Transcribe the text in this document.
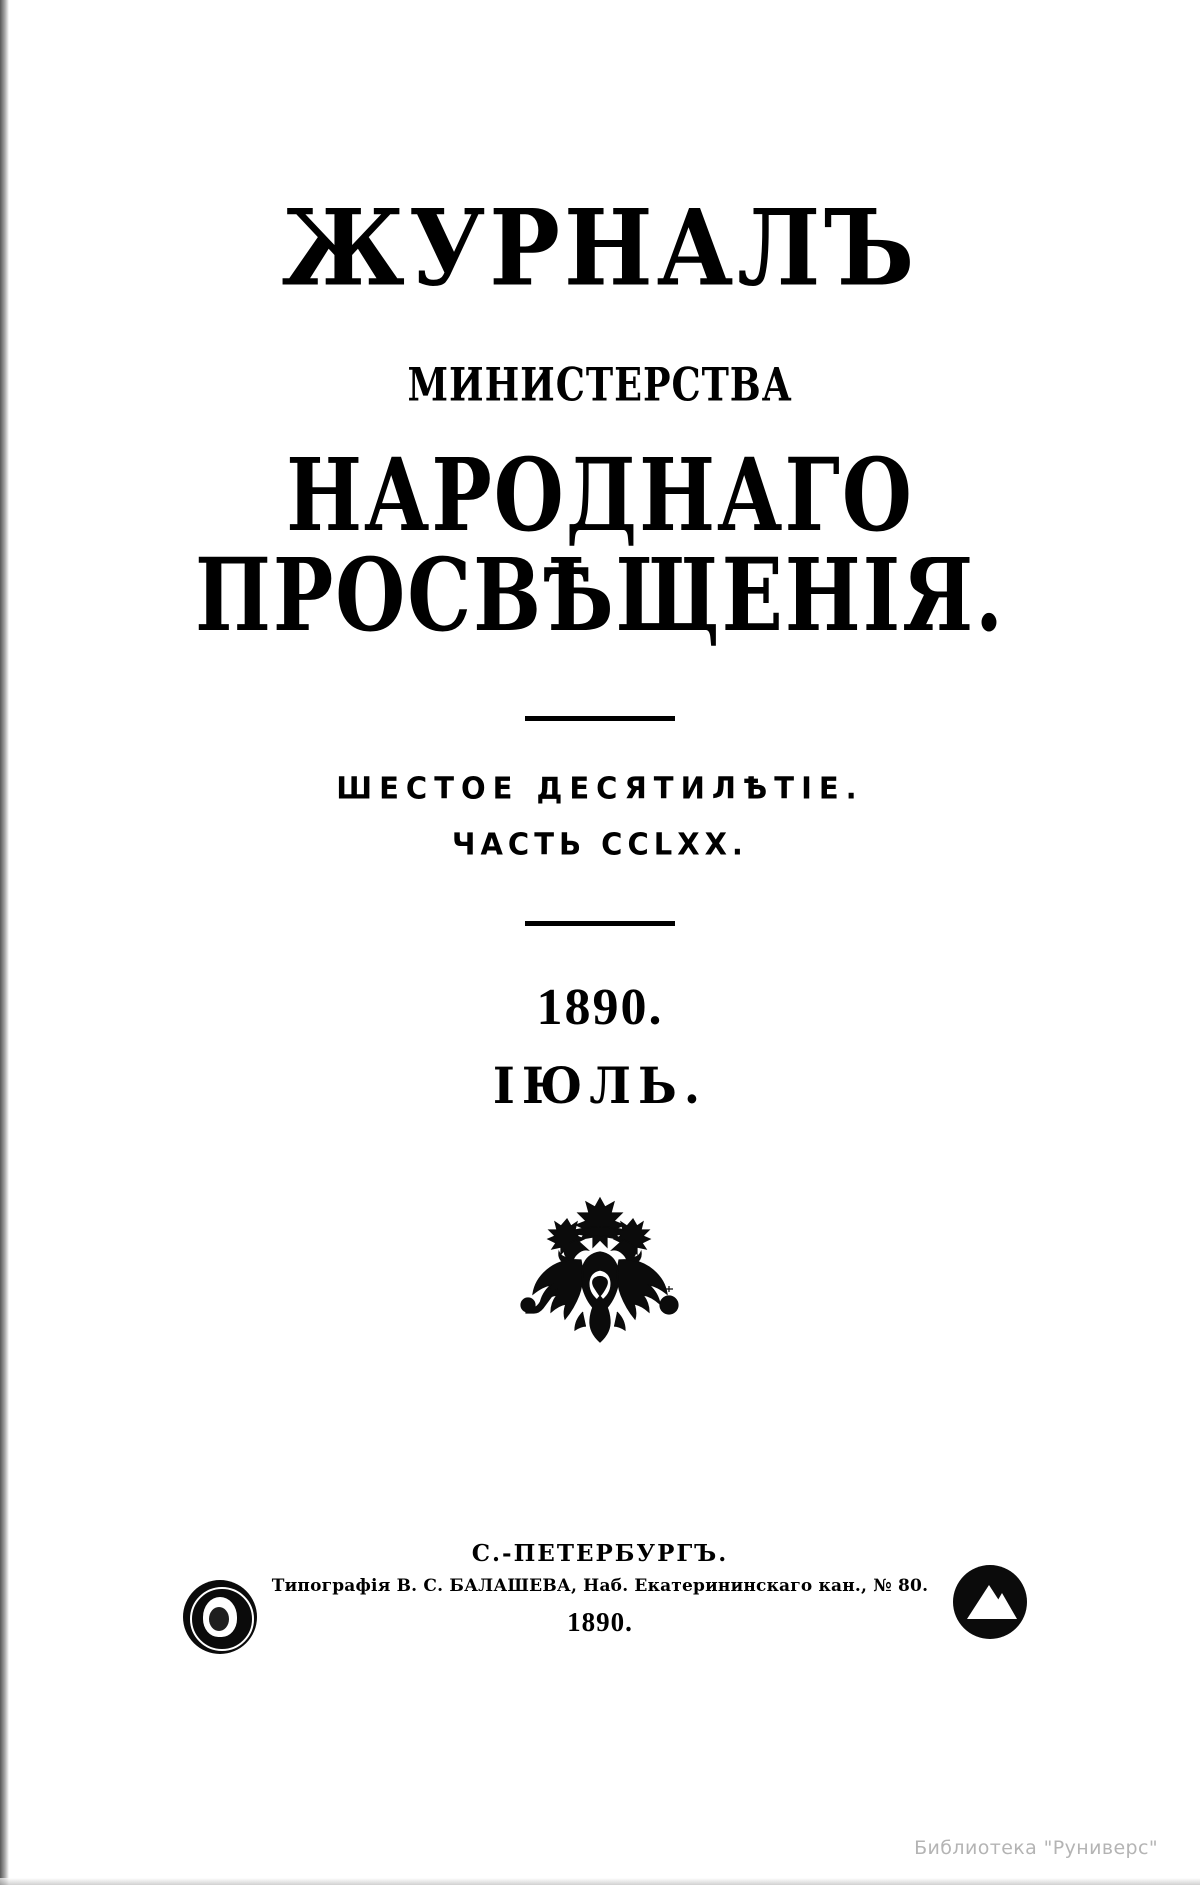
ЖУРНАЛЪ
МИНИСТЕРСТВА
НАРОДНАГО ПРОСВѢЩЕНІЯ.
ШЕСТОЕ ДЕСЯТИЛѢТІЕ.
ЧАСТЬ CCLXX.
1890.
ІЮЛЬ.
С.-ПЕТЕРБУРГЪ.
Типографія В. С. БАЛАШЕВА, Наб. Екатерининскаго кан., № 80.
1890.
Библиотека "Руниверс"
